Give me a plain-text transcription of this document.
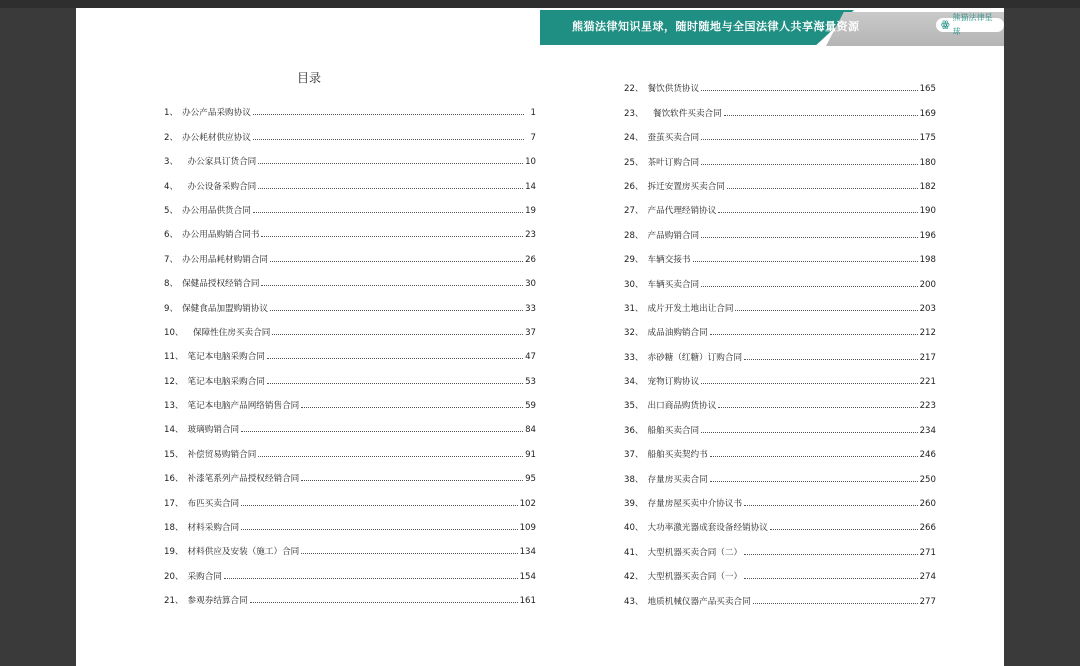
熊猫法律知识星球，随时随地与全国法律人共享海量资源	ꙮ
熊猫法律星球
目录
1、 办公产品采购协议	1
2、 办公耗材供应协议	7
3、 办公家具订货合同	10
4、 办公设备采购合同	14
5、 办公用品供货合同	19
6、 办公用品购销合同书	23
7、 办公用品耗材购销合同	26
8、 保健品授权经销合同	30
9、 保健食品加盟购销协议	33
10、 保障性住房买卖合同	37
11、 笔记本电脑采购合同	47
12、 笔记本电脑采购合同	53
13、 笔记本电脑产品网络销售合同	59
14、 玻璃购销合同	84
15、 补偿贸易购销合同	91
16、 补漆笔系列产品授权经销合同	95
17、 布匹买卖合同	102
18、 材料采购合同	109
19、 材料供应及安装（施工）合同	134
20、 采购合同	154
21、 参观券结算合同	161
22、 餐饮供货协议	165
23、 餐饮软件买卖合同	169
24、 蚕茧买卖合同	175
25、 茶叶订购合同	180
26、 拆迁安置房买卖合同	182
27、 产品代理经销协议	190
28、 产品购销合同	196
29、 车辆交接书	198
30、 车辆买卖合同	200
31、 成片开发土地出让合同	203
32、 成品油购销合同	212
33、 赤砂糖（红糖）订购合同	217
34、 宠物订购协议	221
35、 出口商品购货协议	223
36、 船舶买卖合同	234
37、 船舶买卖契约书	246
38、 存量房买卖合同	250
39、 存量房屋买卖中介协议书	260
40、 大功率激光器成套设备经销协议	266
41、 大型机器买卖合同（二）	271
42、 大型机器买卖合同（一）	274
43、 地质机械仪器产品买卖合同	277
